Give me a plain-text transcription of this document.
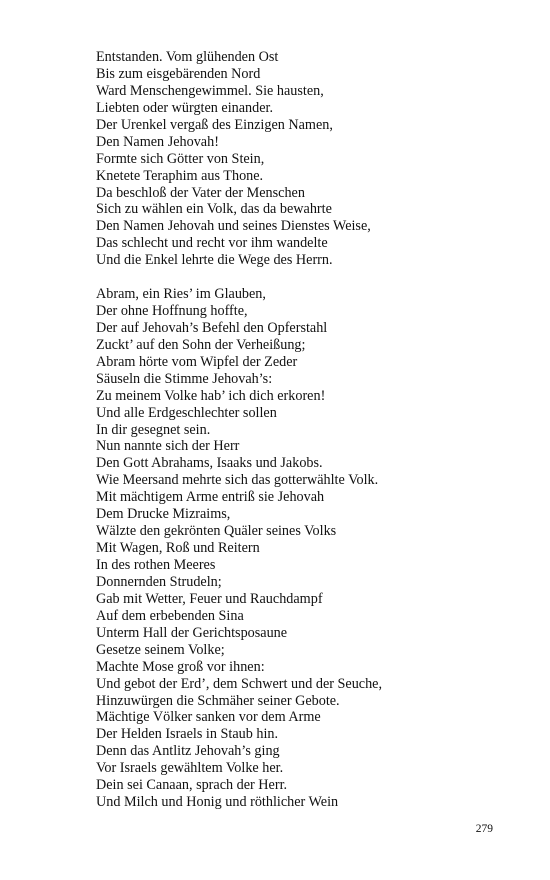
Entstanden. Vom glühenden Ost
Bis zum eisgebärenden Nord
Ward Menschengewimmel. Sie hausten,
Liebten oder würgten einander.
Der Urenkel vergaß des Einzigen Namen,
Den Namen Jehovah!
Formte sich Götter von Stein,
Knetete Teraphim aus Thone.
Da beschloß der Vater der Menschen
Sich zu wählen ein Volk, das da bewahrte
Den Namen Jehovah und seines Dienstes Weise,
Das schlecht und recht vor ihm wandelte
Und die Enkel lehrte die Wege des Herrn.
Abram, ein Ries’ im Glauben,
Der ohne Hoffnung hoffte,
Der auf Jehovah’s Befehl den Opferstahl
Zuckt’ auf den Sohn der Verheißung;
Abram hörte vom Wipfel der Zeder
Säuseln die Stimme Jehovah’s:
Zu meinem Volke hab’ ich dich erkoren!
Und alle Erdgeschlechter sollen
In dir gesegnet sein.
Nun nannte sich der Herr
Den Gott Abrahams, Isaaks und Jakobs.
Wie Meersand mehrte sich das gotterwählte Volk.
Mit mächtigem Arme entriß sie Jehovah
Dem Drucke Mizraims,
Wälzte den gekrönten Quäler seines Volks
Mit Wagen, Roß und Reitern
In des rothen Meeres
Donnernden Strudeln;
Gab mit Wetter, Feuer und Rauchdampf
Auf dem erbebenden Sina
Unterm Hall der Gerichtsposaune
Gesetze seinem Volke;
Machte Mose groß vor ihnen:
Und gebot der Erd’, dem Schwert und der Seuche,
Hinzuwürgen die Schmäher seiner Gebote.
Mächtige Völker sanken vor dem Arme
Der Helden Israels in Staub hin.
Denn das Antlitz Jehovah’s ging
Vor Israels gewähltem Volke her.
Dein sei Canaan, sprach der Herr.
Und Milch und Honig und röthlicher Wein
279
